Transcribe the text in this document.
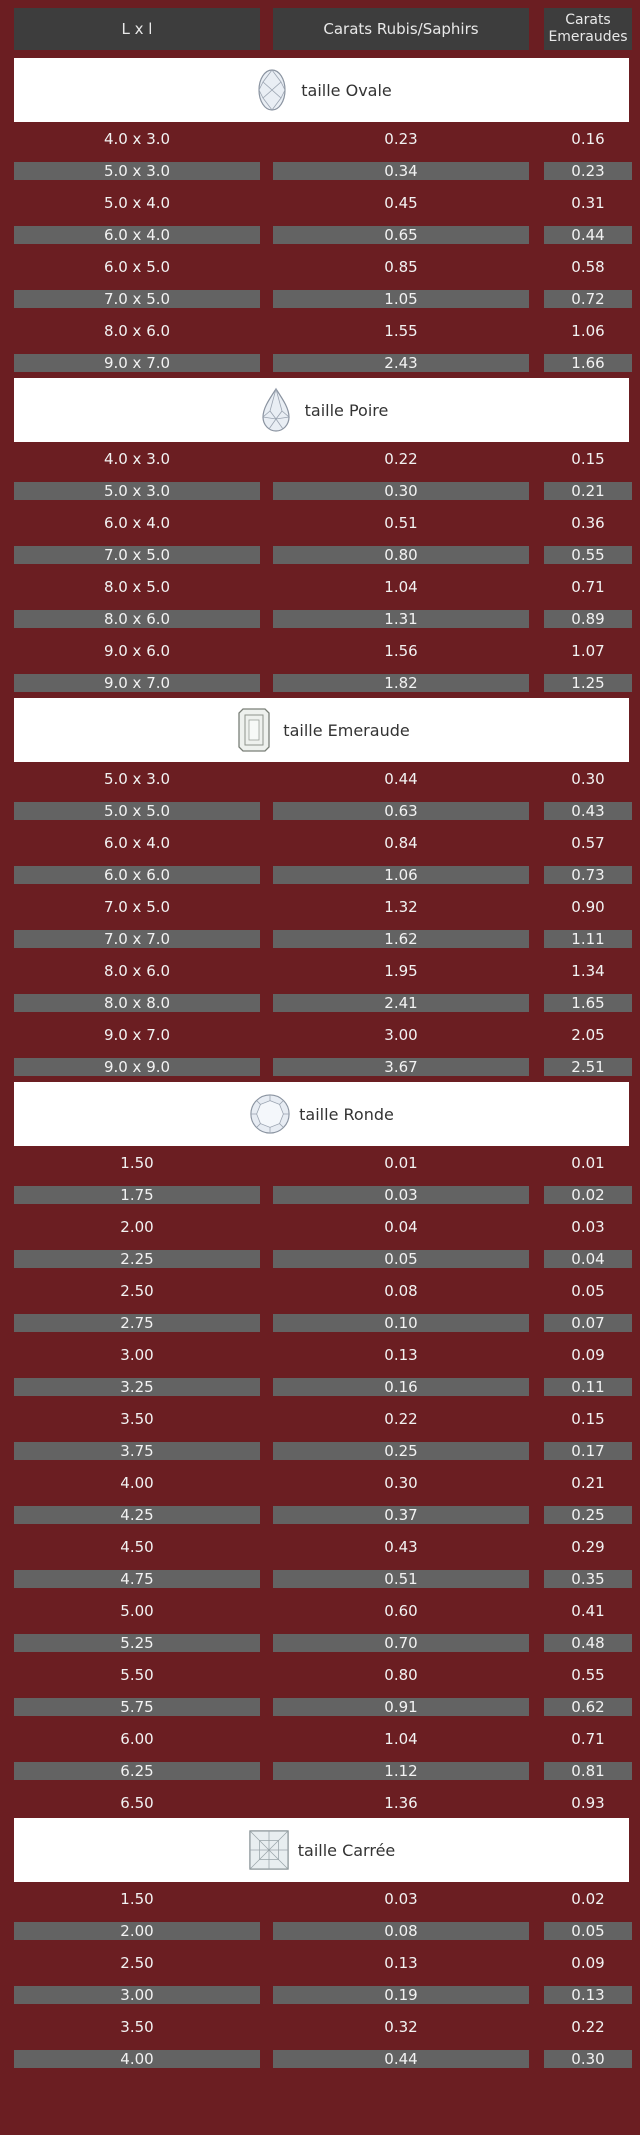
L x l	Carats Rubis/Saphirs	Carats
Emeraudes
taille Ovale
4.0 x 3.0	0.23	0.16
5.0 x 3.0	0.34	0.23
5.0 x 4.0	0.45	0.31
6.0 x 4.0	0.65	0.44
6.0 x 5.0	0.85	0.58
7.0 x 5.0	1.05	0.72
8.0 x 6.0	1.55	1.06
9.0 x 7.0	2.43	1.66
taille Poire
4.0 x 3.0	0.22	0.15
5.0 x 3.0	0.30	0.21
6.0 x 4.0	0.51	0.36
7.0 x 5.0	0.80	0.55
8.0 x 5.0	1.04	0.71
8.0 x 6.0	1.31	0.89
9.0 x 6.0	1.56	1.07
9.0 x 7.0	1.82	1.25
taille Emeraude
5.0 x 3.0	0.44	0.30
5.0 x 5.0	0.63	0.43
6.0 x 4.0	0.84	0.57
6.0 x 6.0	1.06	0.73
7.0 x 5.0	1.32	0.90
7.0 x 7.0	1.62	1.11
8.0 x 6.0	1.95	1.34
8.0 x 8.0	2.41	1.65
9.0 x 7.0	3.00	2.05
9.0 x 9.0	3.67	2.51
taille Ronde
1.50	0.01	0.01
1.75	0.03	0.02
2.00	0.04	0.03
2.25	0.05	0.04
2.50	0.08	0.05
2.75	0.10	0.07
3.00	0.13	0.09
3.25	0.16	0.11
3.50	0.22	0.15
3.75	0.25	0.17
4.00	0.30	0.21
4.25	0.37	0.25
4.50	0.43	0.29
4.75	0.51	0.35
5.00	0.60	0.41
5.25	0.70	0.48
5.50	0.80	0.55
5.75	0.91	0.62
6.00	1.04	0.71
6.25	1.12	0.81
6.50	1.36	0.93
taille Carrée
1.50	0.03	0.02
2.00	0.08	0.05
2.50	0.13	0.09
3.00	0.19	0.13
3.50	0.32	0.22
4.00	0.44	0.30
